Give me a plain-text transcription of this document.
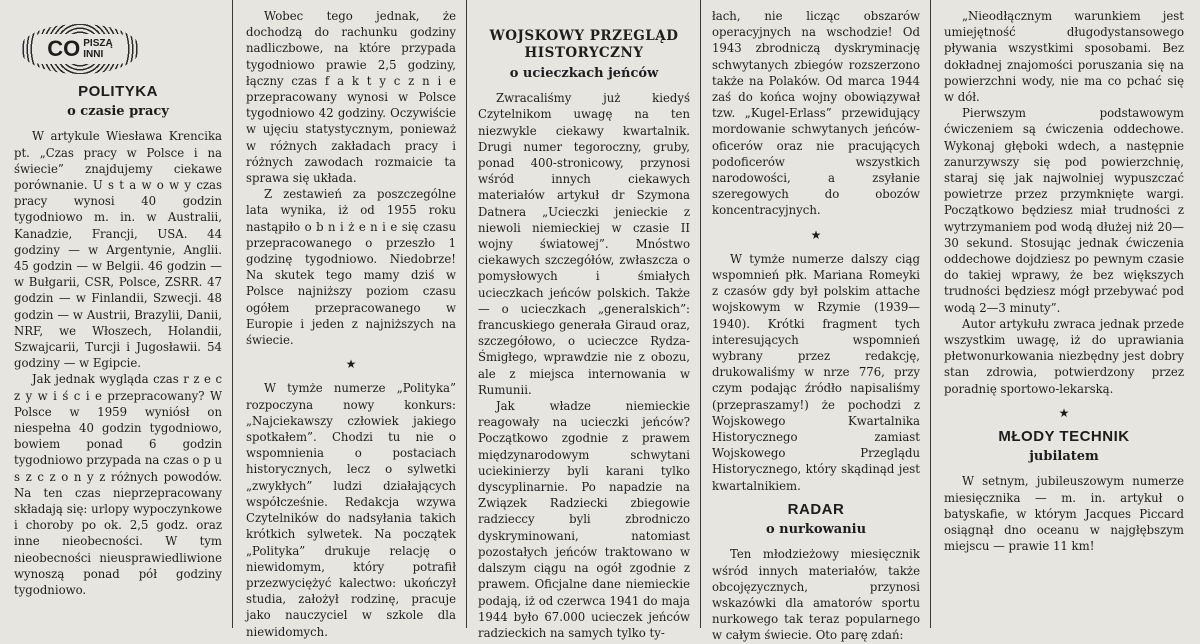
CO PISZĄ
INNI
POLITYKA
o czasie pracy

W artykule Wiesława Krencika pt. „Czas pracy w Polsce i na świecie” znajdujemy ciekawe porównanie. U s t a w o w y czas pracy wynosi 40 godzin tygodniowo m. in. w Australii, Kanadzie, Francji, USA. 44 godziny — w Argentynie, Anglii. 45 godzin — w Belgii. 46 godzin — w Bułgarii, CSR, Polsce, ZSRR. 47 godzin — w Finlandii, Szwecji. 48 godzin — w Austrii, Brazylii, Danii, NRF, we Włoszech, Holandii, Szwajcarii, Turcji i Jugosławii. 54 godziny — w Egipcie.

Jak jednak wygląda czas r z e c z y w i ś c i e przepracowany? W Polsce w 1959 wyniósł on niespełna 40 godzin tygodniowo, bowiem ponad 6 godzin tygodniowo przypada na czas o p u s z c z o n y z różnych powodów. Na ten czas nieprzepracowany składają się: urlopy wypoczynkowe i choroby po ok. 2,5 godz. oraz inne nieobecności. W tym nieobecności nieusprawiedliwione wynoszą ponad pół godziny tygodniowo.

Wobec tego jednak, że dochodzą do rachunku godziny nadliczbowe, na które przypada tygodniowo prawie 2,5 godziny, łączny czas f a k t y c z n i e przepracowany wynosi w Polsce tygodniowo 42 godziny. Oczywiście w ujęciu statystycznym, ponieważ w różnych zakładach pracy i różnych zawodach rozmaicie ta sprawa się układa.

Z zestawień za poszczególne lata wynika, iż od 1955 roku nastąpiło o b n i ż e n i e się czasu przepracowanego o przeszło 1 godzinę tygodniowo. Niedobrze! Na skutek tego mamy dziś w Polsce najniższy poziom czasu ogółem przepracowanego w Europie i jeden z najniższych na świecie.

★

W tymże numerze „Polityka” rozpoczyna nowy konkurs: „Najciekawszy człowiek jakiego spotkałem”. Chodzi tu nie o wspomnienia o postaciach historycznych, lecz o sylwetki „zwykłych” ludzi działających współcześnie. Redakcja wzywa Czytelników do nadsyłania takich krótkich sylwetek. Na początek „Polityka” drukuje relację o niewidomym, który potrafił przezwyciężyć kalectwo: ukończył studia, założył rodzinę, pracuje jako nauczyciel w szkole dla niewidomych.

WOJSKOWY PRZEGLĄD HISTORYCZNY
o ucieczkach jeńców

Zwracaliśmy już kiedyś Czytelnikom uwagę na ten niezwykle ciekawy kwartalnik. Drugi numer tegoroczny, gruby, ponad 400-stronicowy, przynosi wśród innych ciekawych materiałów artykuł dr Szymona Datnera „Ucieczki jenieckie z niewoli niemieckiej w czasie II wojny światowej”. Mnóstwo ciekawych szczegółów, zwłaszcza o pomysłowych i śmiałych ucieczkach jeńców polskich. Także — o ucieczkach „generalskich”: francuskiego generała Giraud oraz, szczegółowo, o ucieczce Rydza-Śmigłego, wprawdzie nie z obozu, ale z miejsca internowania w Rumunii.

Jak władze niemieckie reagowały na ucieczki jeńców? Początkowo zgodnie z prawem międzynarodowym schwytani uciekinierzy byli karani tylko dyscyplinarnie. Po napadzie na Związek Radziecki zbiegowie radzieccy byli zbrodniczo dyskryminowani, natomiast pozostałych jeńców traktowano w dalszym ciągu na ogół zgodnie z prawem. Oficjalne dane niemieckie podają, iż od czerwca 1941 do maja 1944 było 67.000 ucieczek jeńców radzieckich na samych tylko ty-

łach, nie licząc obszarów operacyjnych na wschodzie! Od 1943 zbrodniczą dyskryminację schwytanych zbiegów rozszerzono także na Polaków. Od marca 1944 zaś do końca wojny obowiązywał tzw. „Kugel-Erlass” przewidujący mordowanie schwytanych jeńców-oficerów oraz nie pracujących podoficerów wszystkich narodowości, a zsyłanie szeregowych do obozów koncentracyjnych.

★

W tymże numerze dalszy ciąg wspomnień płk. Mariana Romeyki z czasów gdy był polskim attache wojskowym w Rzymie (1939—1940). Krótki fragment tych interesujących wspomnień wybrany przez redakcję, drukowaliśmy w nrze 776, przy czym podając źródło napisaliśmy (przepraszamy!) że pochodzi z Wojskowego Kwartalnika Historycznego zamiast Wojskowego Przeglądu Historycznego, który skądinąd jest kwartalnikiem.

RADAR
o nurkowaniu

Ten młodzieżowy miesięcznik wśród innych materiałów, także obcojęzycznych, przynosi wskazówki dla amatorów sportu nurkowego tak teraz popularnego w całym świecie. Oto parę zdań:

„Nieodłącznym warunkiem jest umiejętność długodystansowego pływania wszystkimi sposobami. Bez dokładnej znajomości poruszania się na powierzchni wody, nie ma co pchać się w dół.

Pierwszym podstawowym ćwiczeniem są ćwiczenia oddechowe. Wykonaj głęboki wdech, a następnie zanurzywszy się pod powierzchnię, staraj się jak najwolniej wypuszczać powietrze przez przymknięte wargi. Początkowo będziesz miał trudności z wytrzymaniem pod wodą dłużej niż 20—30 sekund. Stosując jednak ćwiczenia oddechowe dojdziesz po pewnym czasie do takiej wprawy, że bez większych trudności będziesz mógł przebywać pod wodą 2—3 minuty”.

Autor artykułu zwraca jednak przede wszystkim uwagę, iż do uprawiania płetwonurkowania niezbędny jest dobry stan zdrowia, potwierdzony przez poradnię sportowo-lekarską.

★
MŁODY TECHNIK
jubilatem

W setnym, jubileuszowym numerze miesięcznika — m. in. artykuł o batyskafie, w którym Jacques Piccard osiągnął dno oceanu w najgłębszym miejscu — prawie 11 km!
